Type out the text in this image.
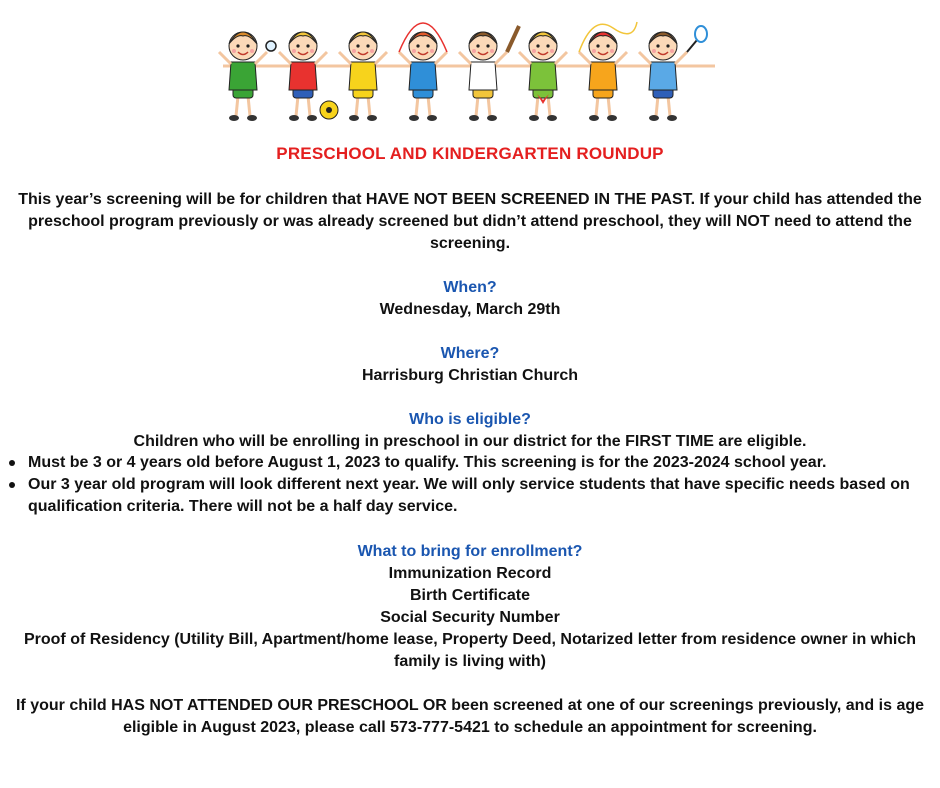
PRESCHOOL AND KINDERGARTEN ROUNDUP
This year’s screening will be for children that HAVE NOT BEEN SCREENED IN THE PAST. If your child has attended the preschool program previously or was already screened but didn’t attend preschool, they will NOT need to attend the screening.
When?
Wednesday, March 29th
Where?
Harrisburg Christian Church
Who is eligible?
Children who will be enrolling in preschool in our district for the FIRST TIME are eligible.
Must be 3 or 4 years old before August 1, 2023 to qualify. This screening is for the 2023-2024 school year.
Our 3 year old program will look different next year. We will only service students that have specific needs based on qualification criteria. There will not be a half day service.
What to bring for enrollment?
Immunization Record
Birth Certificate
Social Security Number
Proof of Residency (Utility Bill, Apartment/home lease, Property Deed, Notarized letter from residence owner in which family is living with)
If your child HAS NOT ATTENDED OUR PRESCHOOL OR been screened at one of our screenings previously, and is age eligible in August 2023, please call 573-777-5421 to schedule an appointment for screening.
